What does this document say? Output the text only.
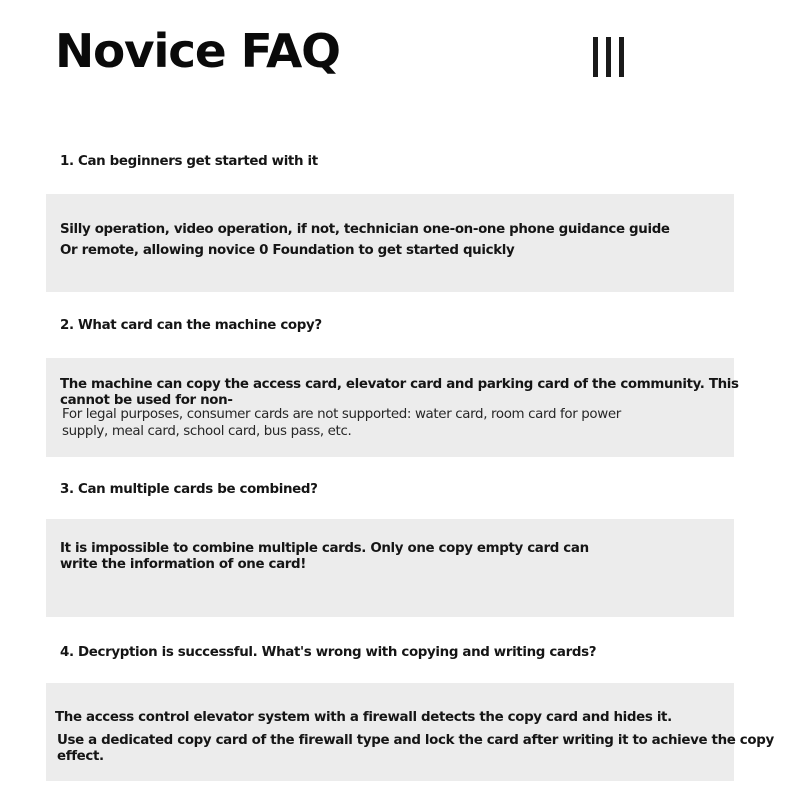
Novice FAQ

1. Can beginners get started with it

Silly operation, video operation, if not, technician one-on-one phone guidance guide
Or remote, allowing novice 0 Foundation to get started quickly

2. What card can the machine copy?

The machine can copy the access card, elevator card and parking card of the community. This
cannot be used for non-
For legal purposes, consumer cards are not supported: water card, room card for power
supply, meal card, school card, bus pass, etc.

3. Can multiple cards be combined?

It is impossible to combine multiple cards. Only one copy empty card can
write the information of one card!

4. Decryption is successful. What's wrong with copying and writing cards?

The access control elevator system with a firewall detects the copy card and hides it.
Use a dedicated copy card of the firewall type and lock the card after writing it to achieve the copy
effect.
